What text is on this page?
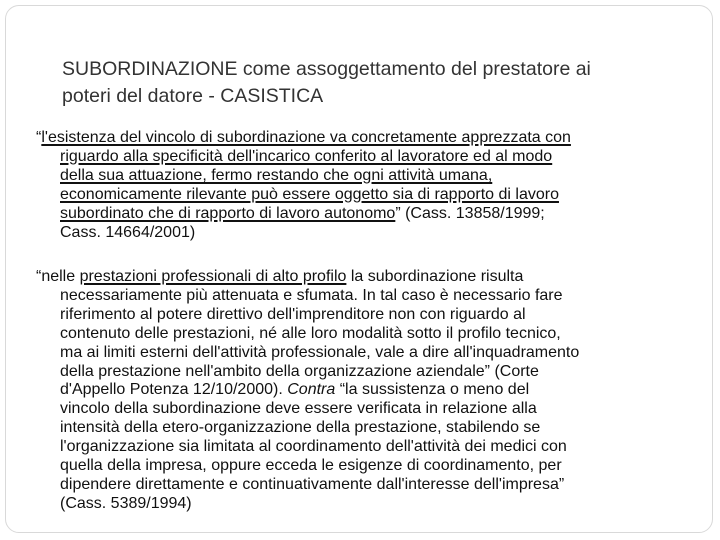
SUBORDINAZIONE come assoggettamento del prestatore ai
poteri del datore - CASISTICA
“l'esistenza del vincolo di subordinazione va concretamente apprezzata con
riguardo alla specificità dell'incarico conferito al lavoratore ed al modo
della sua attuazione, fermo restando che ogni attività umana,
economicamente rilevante può essere oggetto sia di rapporto di lavoro
subordinato che di rapporto di lavoro autonomo” (Cass. 13858/1999;
Cass. 14664/2001)
“nelle prestazioni professionali di alto profilo la subordinazione risulta
necessariamente più attenuata e sfumata. In tal caso è necessario fare
riferimento al potere direttivo dell'imprenditore non con riguardo al
contenuto delle prestazioni, né alle loro modalità sotto il profilo tecnico,
ma ai limiti esterni dell'attività professionale, vale a dire all'inquadramento
della prestazione nell'ambito della organizzazione aziendale” (Corte
d'Appello Potenza 12/10/2000). Contra “la sussistenza o meno del
vincolo della subordinazione deve essere verificata in relazione alla
intensità della etero-organizzazione della prestazione, stabilendo se
l'organizzazione sia limitata al coordinamento dell'attività dei medici con
quella della impresa, oppure ecceda le esigenze di coordinamento, per
dipendere direttamente e continuativamente dall'interesse dell'impresa”
(Cass. 5389/1994)
